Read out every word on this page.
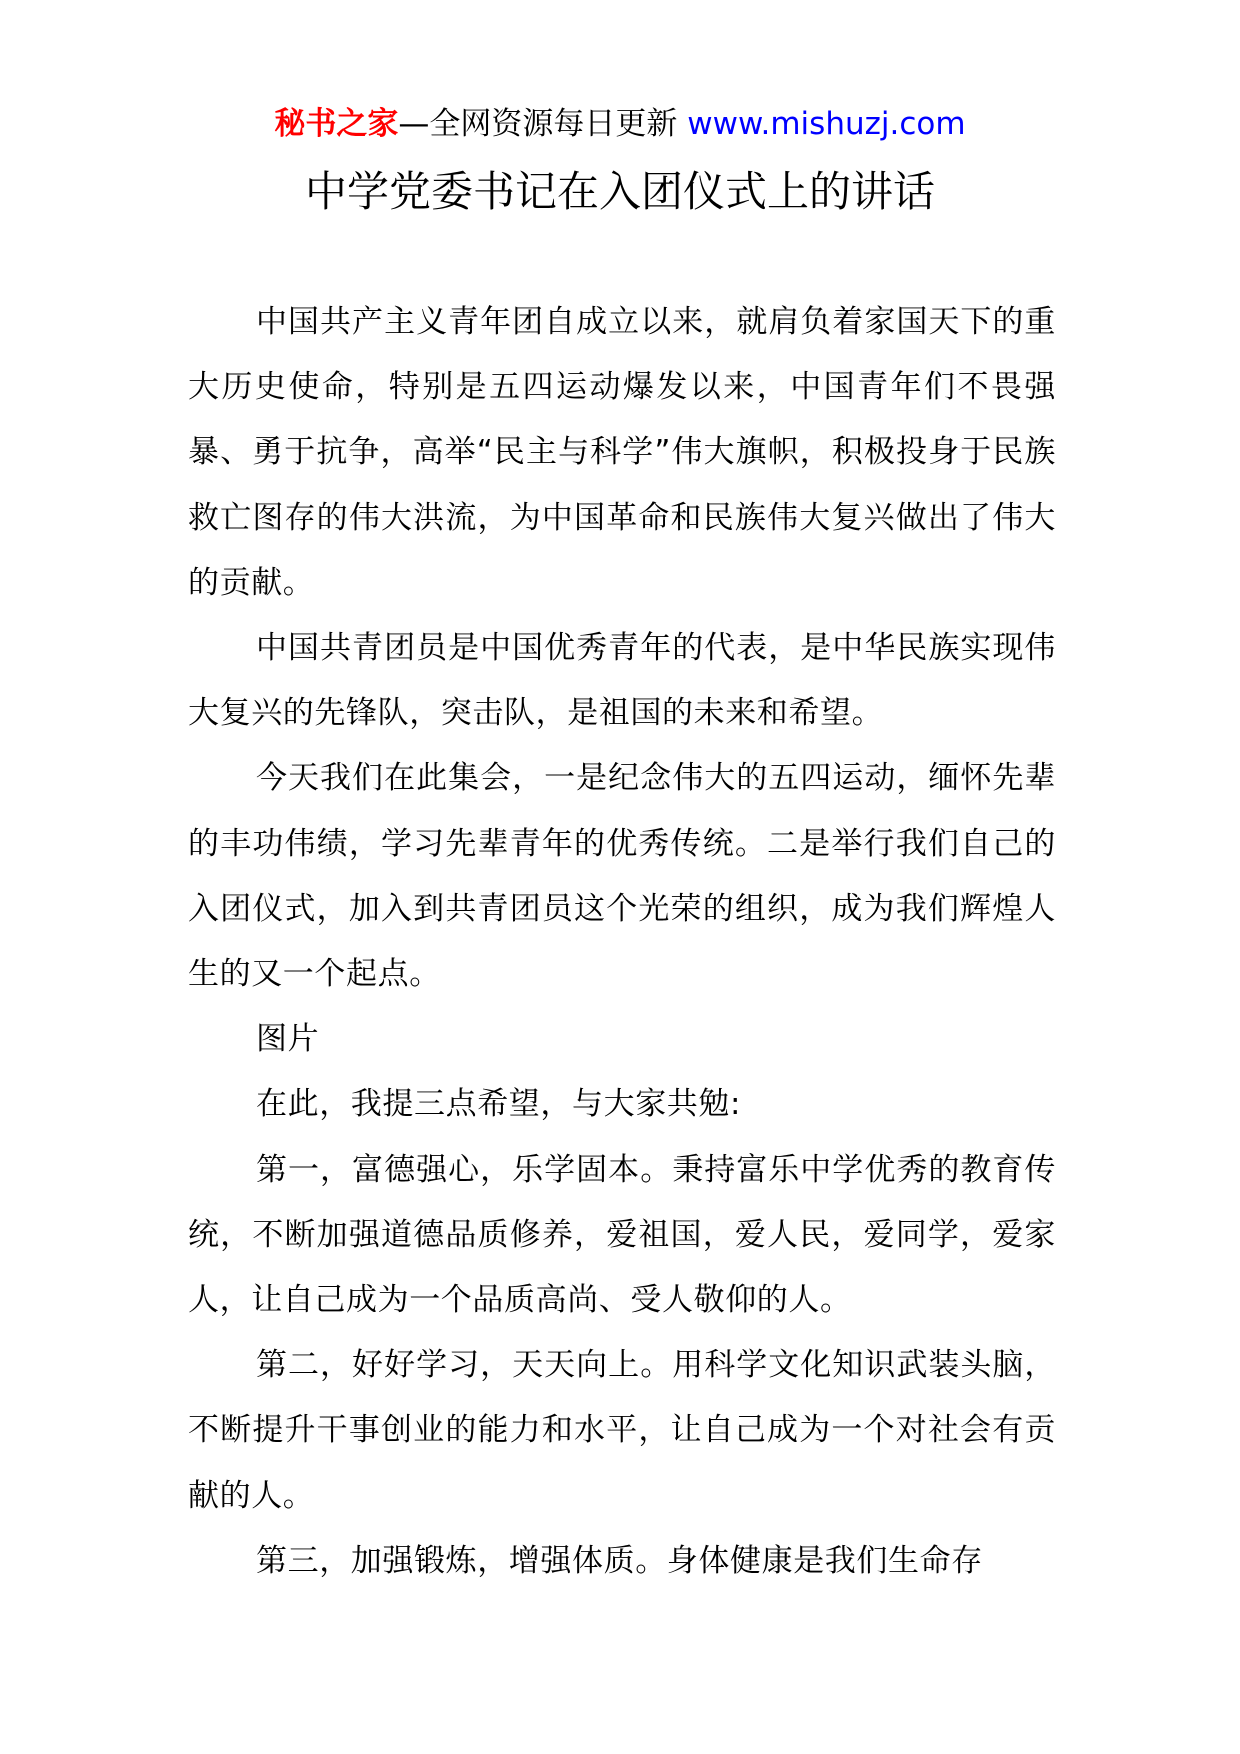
秘书之家—全网资源每日更新 www.mishuzj.com
中学党委书记在入团仪式上的讲话

中国共产主义青年团自成立以来，就肩负着家国天下的重大历史使命，特别是五四运动爆发以来，中国青年们不畏强暴、勇于抗争，高举“民主与科学”伟大旗帜，积极投身于民族救亡图存的伟大洪流，为中国革命和民族伟大复兴做出了伟大的贡献。

中国共青团员是中国优秀青年的代表，是中华民族实现伟大复兴的先锋队，突击队，是祖国的未来和希望。

今天我们在此集会，一是纪念伟大的五四运动，缅怀先辈的丰功伟绩，学习先辈青年的优秀传统。二是举行我们自己的入团仪式，加入到共青团员这个光荣的组织，成为我们辉煌人生的又一个起点。

图片

在此，我提三点希望，与大家共勉:

第一，富德强心，乐学固本。秉持富乐中学优秀的教育传统，不断加强道德品质修养，爱祖国，爱人民，爱同学，爱家人，让自己成为一个品质高尚、受人敬仰的人。

第二，好好学习，天天向上。用科学文化知识武装头脑，不断提升干事创业的能力和水平，让自己成为一个对社会有贡献的人。

第三，加强锻炼，增强体质。身体健康是我们生命存
